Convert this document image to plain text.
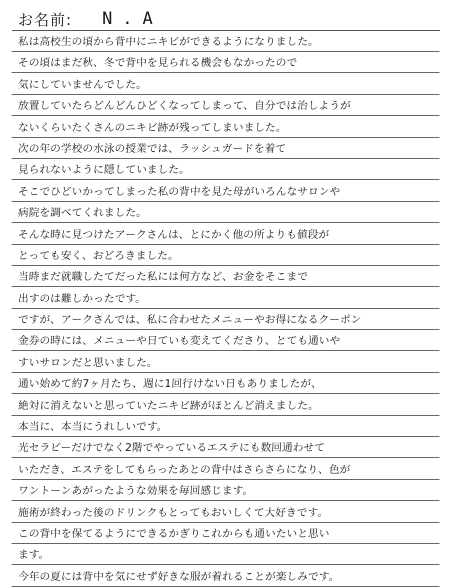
お名前: N.A
私は高校生の頃から背中にニキビができるようになりました。
その頃はまだ秋、冬で背中を見られる機会もなかったので
気にしていませんでした。
放置していたらどんどんひどくなってしまって、自分では治しようが
ないくらいたくさんのニキビ跡が残ってしまいました。
次の年の学校の水泳の授業では、ラッシュガードを着て
見られないように隠していました。
そこでひどいかってしまった私の背中を見た母がいろんなサロンや
病院を調べてくれました。
そんな時に見つけたアークさんは、とにかく他の所よりも値段が
とっても安く、おどろきました。
当時まだ就職したてだった私には何方など、お金をそこまで
出すのは難しかったです。
ですが、アークさんでは、私に合わせたメニューやお得になるクーポン
金券の時には、メニューや日ていも変えてくださり、とても通いや
すいサロンだと思いました。
通い始めて約7ヶ月たち、週に1回行けない日もありましたが、
絶対に消えないと思っていたニキビ跡がほとんど消えました。
本当に、本当にうれしいです。
光セラピーだけでなく2階でやっているエステにも数回通わせて
いただき、エステをしてもらったあとの背中はさらさらになり、色が
ワントーンあがったような効果を毎回感じます。
施術が終わった後のドリンクもとってもおいしくて大好きです。
この背中を保てるようにできるかぎりこれからも通いたいと思い
ます。
今年の夏には背中を気にせず好きな服が着れることが楽しみです。
